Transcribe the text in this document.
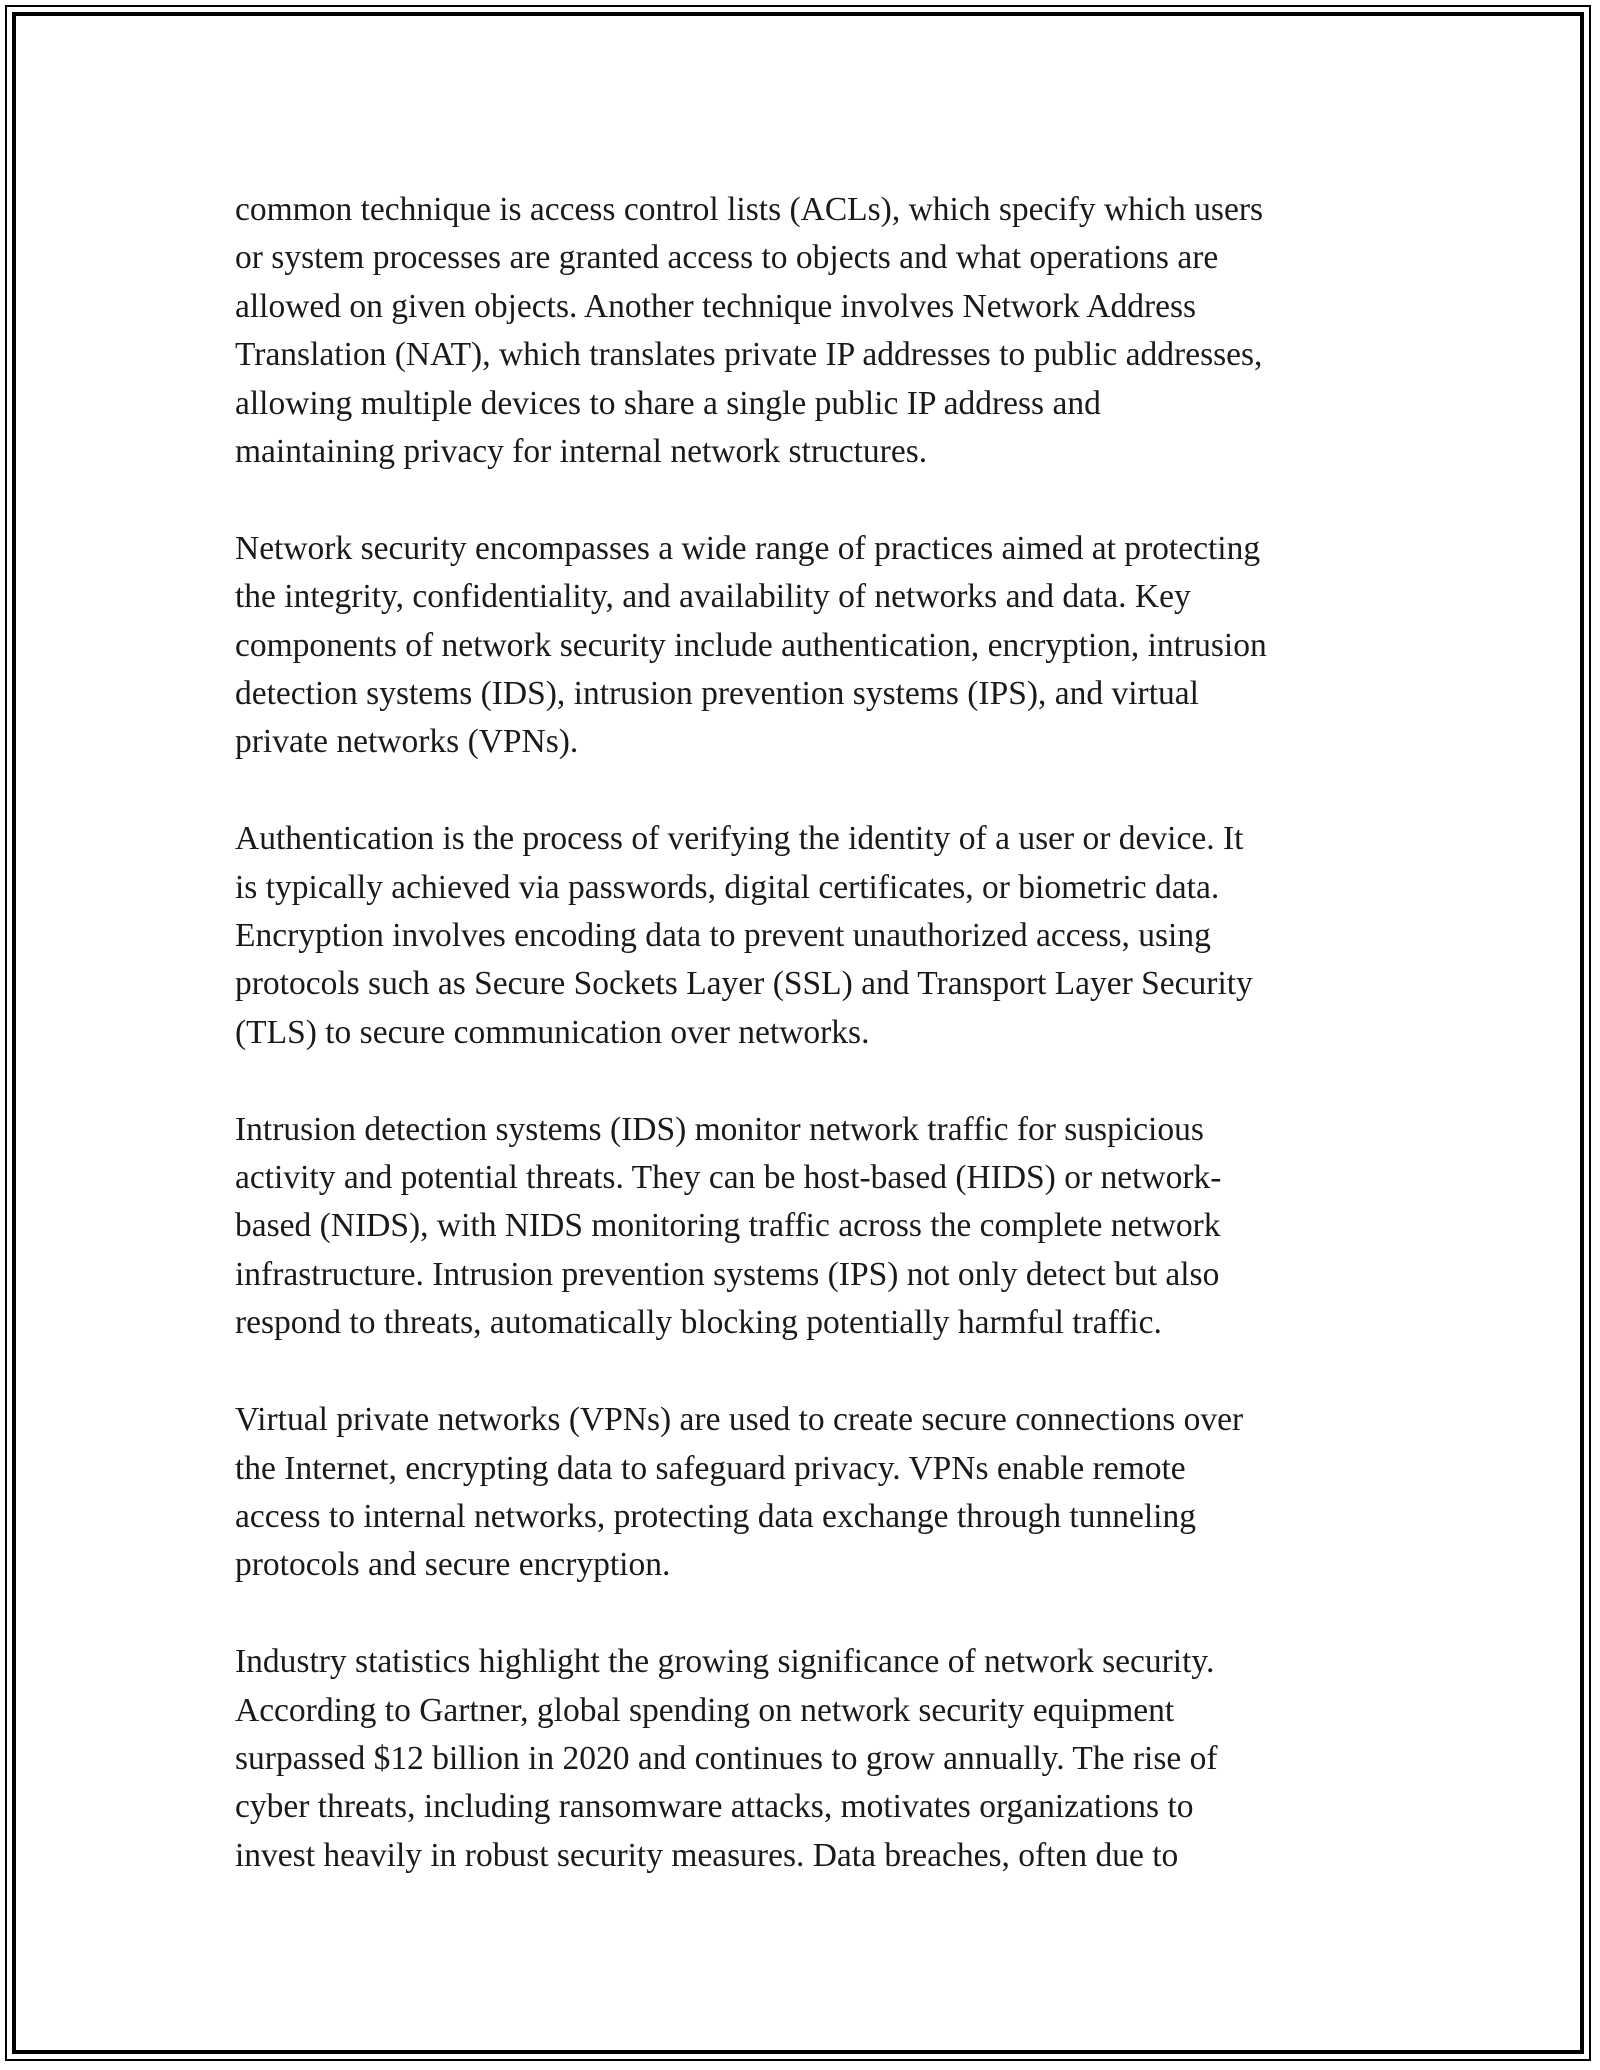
common technique is access control lists (ACLs), which specify which users
or system processes are granted access to objects and what operations are
allowed on given objects. Another technique involves Network Address
Translation (NAT), which translates private IP addresses to public addresses,
allowing multiple devices to share a single public IP address and
maintaining privacy for internal network structures.

Network security encompasses a wide range of practices aimed at protecting
the integrity, confidentiality, and availability of networks and data. Key
components of network security include authentication, encryption, intrusion
detection systems (IDS), intrusion prevention systems (IPS), and virtual
private networks (VPNs).

Authentication is the process of verifying the identity of a user or device. It
is typically achieved via passwords, digital certificates, or biometric data.
Encryption involves encoding data to prevent unauthorized access, using
protocols such as Secure Sockets Layer (SSL) and Transport Layer Security
(TLS) to secure communication over networks.

Intrusion detection systems (IDS) monitor network traffic for suspicious
activity and potential threats. They can be host-based (HIDS) or network-
based (NIDS), with NIDS monitoring traffic across the complete network
infrastructure. Intrusion prevention systems (IPS) not only detect but also
respond to threats, automatically blocking potentially harmful traffic.

Virtual private networks (VPNs) are used to create secure connections over
the Internet, encrypting data to safeguard privacy. VPNs enable remote
access to internal networks, protecting data exchange through tunneling
protocols and secure encryption.

Industry statistics highlight the growing significance of network security.
According to Gartner, global spending on network security equipment
surpassed $12 billion in 2020 and continues to grow annually. The rise of
cyber threats, including ransomware attacks, motivates organizations to
invest heavily in robust security measures. Data breaches, often due to
